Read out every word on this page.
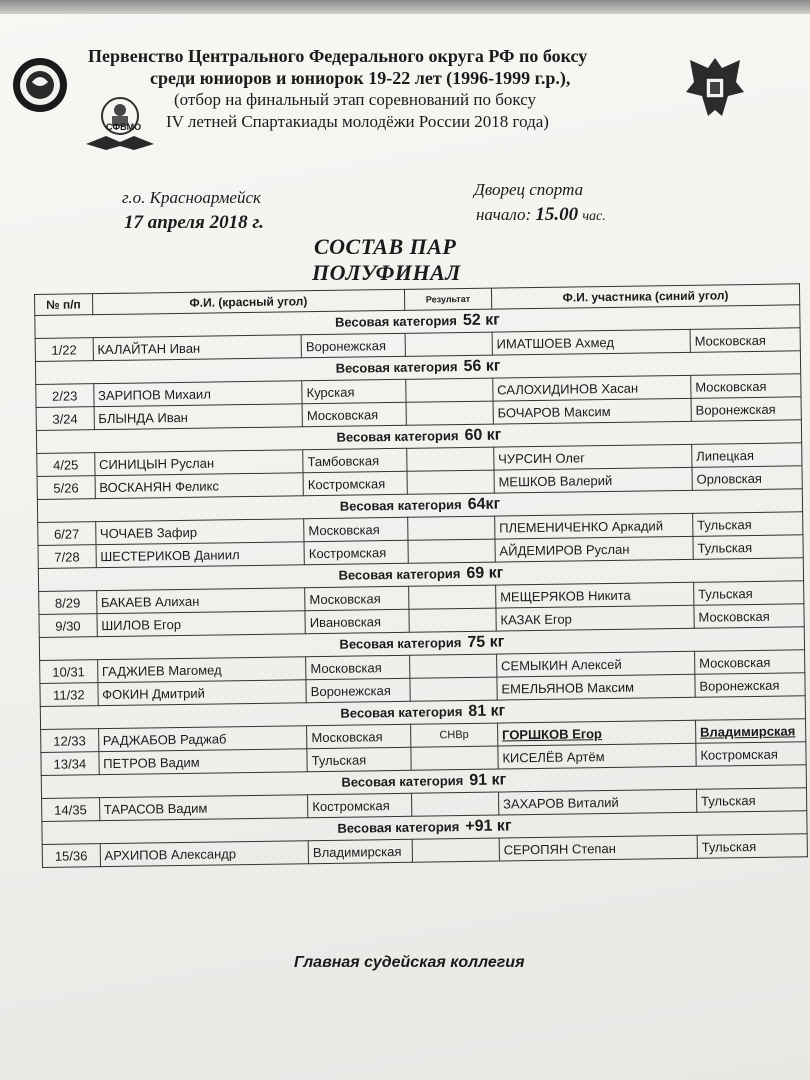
СФБМО
Первенство Центрального Федерального округа РФ по боксу
среди юниоров и юниорок 19-22 лет (1996-1999 г.р.),
(отбор на финальный этап соревнований по боксу
IV летней Спартакиады молодёжи России 2018 года)
г.о. Красноармейск
17 апреля 2018 г.
Дворец спорта
начало: 15.00 час.
СОСТАВ ПАР
ПОЛУФИНАЛ
№ п/п	Ф.И. (красный угол)		Результат	Ф.И. участника (синий угол)	
Весовая категория 52 кг					
1/22	КАЛАЙТАН Иван	Воронежская		ИМАТШОЕВ Ахмед	Московская
Весовая категория 56 кг					
2/23	ЗАРИПОВ Михаил	Курская		САЛОХИДИНОВ Хасан	Московская
3/24	БЛЫНДА Иван	Московская		БОЧАРОВ Максим	Воронежская
Весовая категория 60 кг					
4/25	СИНИЦЫН Руслан	Тамбовская		ЧУРСИН Олег	Липецкая
5/26	ВОСКАНЯН Феликс	Костромская		МЕШКОВ Валерий	Орловская
Весовая категория 64кг					
6/27	ЧОЧАЕВ Зафир	Московская		ПЛЕМЕНИЧЕНКО Аркадий	Тульская
7/28	ШЕСТЕРИКОВ Даниил	Костромская		АЙДЕМИРОВ Руслан	Тульская
Весовая категория 69 кг					
8/29	БАКАЕВ Алихан	Московская		МЕЩЕРЯКОВ Никита	Тульская
9/30	ШИЛОВ Егор	Ивановская		КАЗАК Егор	Московская
Весовая категория 75 кг					
10/31	ГАДЖИЕВ Магомед	Московская		СЕМЫКИН Алексей	Московская
11/32	ФОКИН Дмитрий	Воронежская		ЕМЕЛЬЯНОВ Максим	Воронежская
Весовая категория 81 кг					
12/33	РАДЖАБОВ Раджаб	Московская	СНВр	ГОРШКОВ Егор	Владимирская
13/34	ПЕТРОВ Вадим	Тульская		КИСЕЛЁВ Артём	Костромская
Весовая категория 91 кг					
14/35	ТАРАСОВ Вадим	Костромская		ЗАХАРОВ Виталий	Тульская
Весовая категория +91 кг					
15/36	АРХИПОВ Александр	Владимирская		СЕРОПЯН Степан	Тульская
Главная судейская коллегия
